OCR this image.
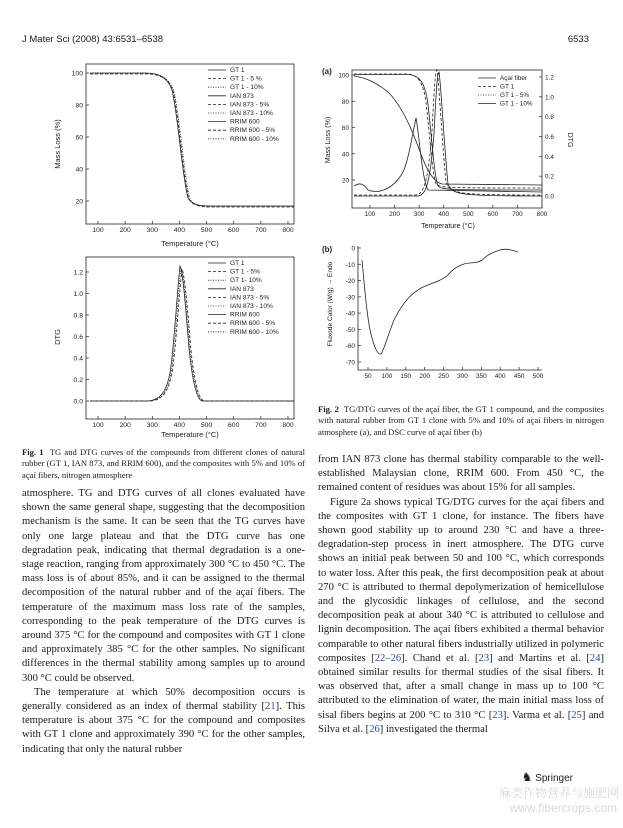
J Mater Sci (2008) 43:6531–6538	6533
100 200 300 400 500 600 700 800
100
80
60
40
20
Temperature (°C)
Mass Loss (%)
GT 1
GT 1 - 5 %
GT 1 - 10%
IAN 873
IAN 873 - 5%
IAN 873 - 10%
RRIM 600
RRIM 600 - 5%
RRIM 600 - 10%
100 200 300 400 500 600 700 800
1.2
1.0
0.8
0.6
0.4
0.2
0.0
Temperature (°C)
DTG
GT 1
GT 1 - 5%
GT 1- 10%
IAN 873
IAN 873 - 5%
IAN 873 - 10%
RRIM 600
RRIM 600 - 5%
RRIM 600 - 10%
Fig. 1 TG and DTG curves of the compounds from different clones of natural rubber (GT 1, IAN 873, and RRIM 600), and the composites with 5% and 10% of açaí fibers, nitrogen atmosphere
(a)
100 200 300 400 500 600 700 800
100
80
60
40
20
1.2
1.0
0.8
0.6
0.4
0.2
0.0
Temperature (°C)
Mass Loss (%)	DTG
Açaí fiber
GT 1
GT 1 - 5%
GT 1 - 10%
(b)
50 100 150 200 250 300 350 400 450 500
0
-10
-20
-30
-40
-50
-60
-70
Fluxode Calor (W/g) → Endo
Fig. 2 TG/DTG curves of the açaí fiber, the GT 1 compound, and the composites with natural rubber from GT 1 clone with 5% and 10% of açaí fibers in nitrogen atmosphere (a), and DSC curve of açaí fiber (b)

atmosphere. TG and DTG curves of all clones evaluated have shown the same general shape, suggesting that the decomposition mechanism is the same. It can be seen that the TG curves have only one large plateau and that the DTG curve has one degradation peak, indicating that thermal degradation is a one-stage reaction, ranging from approximately 300 °C to 450 °C. The mass loss is of about 85%, and it can be assigned to the thermal decomposition of the natural rubber and of the açaí fibers. The temperature of the maximum mass loss rate of the samples, corresponding to the peak temperature of the DTG curves is around 375 °C for the compound and composites with GT 1 clone and approximately 385 °C for the other samples. No significant differences in the thermal stability among samples up to around 300 °C could be observed.

The temperature at which 50% decomposition occurs is generally considered as an index of thermal stability [21]. This temperature is about 375 °C for the compound and composites with GT 1 clone and approximately 390 °C for the other samples, indicating that only the natural rubber

from IAN 873 clone has thermal stability comparable to the well-established Malaysian clone, RRIM 600. From 450 °C, the remained content of residues was about 15% for all samples.

Figure 2a shows typical TG/DTG curves for the açaí fibers and the composites with GT 1 clone, for instance. The fibers have shown good stability up to around 230 °C and have a three-degradation-step process in inert atmosphere. The DTG curve shows an initial peak between 50 and 100 °C, which corresponds to water loss. After this peak, the first decomposition peak at about 270 °C is attributed to thermal depolymerization of hemicellulose and the glycosidic linkages of cellulose, and the second decomposition peak at about 340 °C is attributed to cellulose and lignin decomposition. The açaí fibers exhibited a thermal behavior comparable to other natural fibers industrially utilized in polymeric composites [22–26]. Chand et al. [23] and Martins et al. [24] obtained similar results for thermal studies of the sisal fibers. It was observed that, after a small change in mass up to 100 °C attributed to the elimination of water, the main initial mass loss of sisal fibers begins at 200 °C to 310 °C [23]. Varma et al. [25] and Silva et al. [26] investigated the thermal

♞ Springer
麻类作物营养与施肥网
www.fibercrops.com
